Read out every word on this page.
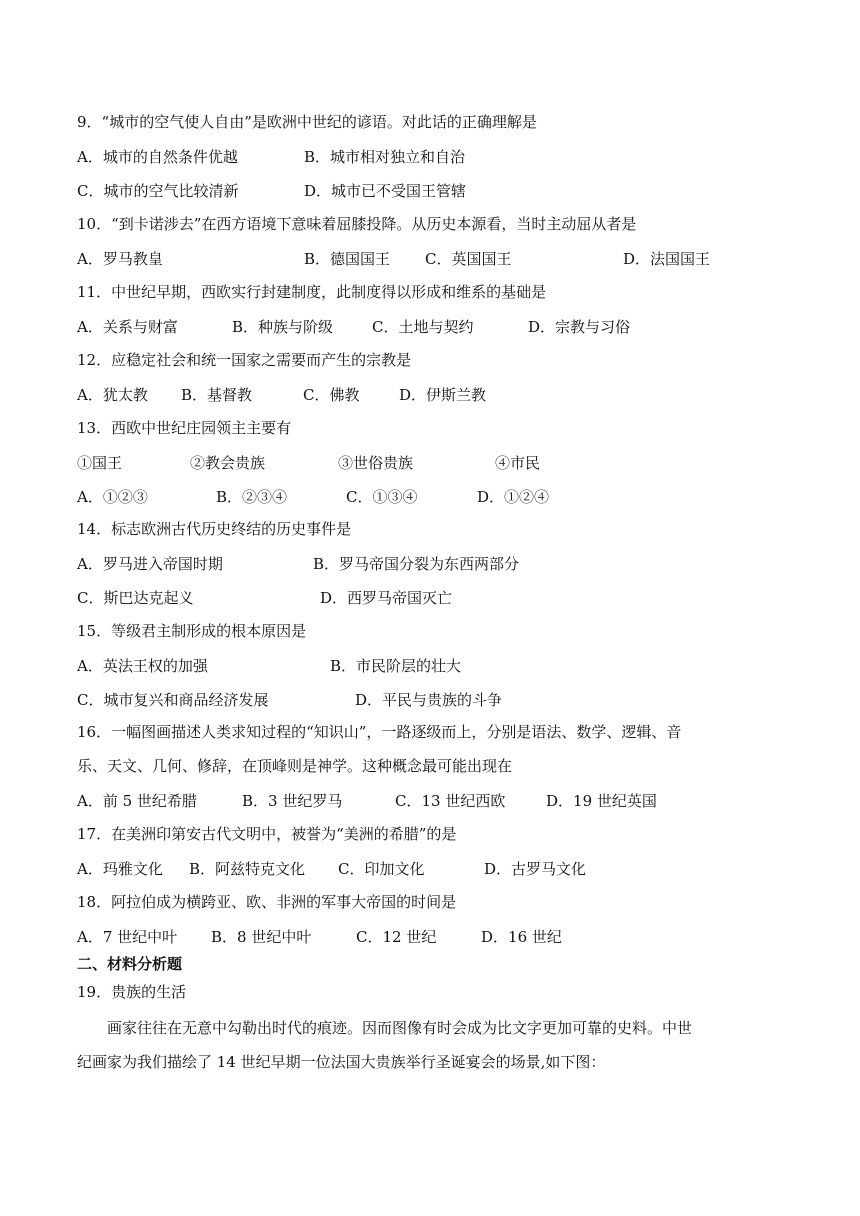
9．“城市的空气使人自由”是欧洲中世纪的谚语。对此话的正确理解是
A．城市的自然条件优越	B．城市相对独立和自治
C．城市的空气比较清新	D．城市已不受国王管辖
10．“到卡诺涉去”在西方语境下意味着屈膝投降。从历史本源看，当时主动屈从者是
A．罗马教皇	B．德国国王 C．英国国王	D．法国国王
11．中世纪早期，西欧实行封建制度，此制度得以形成和维系的基础是
A．关系与财富	B．种族与阶级	C．土地与契约	D．宗教与习俗
12．应稳定社会和统一国家之需要而产生的宗教是
A．犹太教 B．基督教	C．佛教	D．伊斯兰教
13．西欧中世纪庄园领主主要有
①国王	②教会贵族	③世俗贵族	④市民
A．①②③	B．②③④	C．①③④	D．①②④
14．标志欧洲古代历史终结的历史事件是
A．罗马进入帝国时期	B．罗马帝国分裂为东西两部分
C．斯巴达克起义	D．西罗马帝国灭亡
15．等级君主制形成的根本原因是
A．英法王权的加强	B．市民阶层的壮大
C．城市复兴和商品经济发展	D．平民与贵族的斗争
16．一幅图画描述人类求知过程的“知识山”，一路逐级而上，分别是语法、数学、逻辑、音
乐、天文、几何、修辞，在顶峰则是神学。这种概念最可能出现在
A．前 5 世纪希腊	B．3 世纪罗马	C．13 世纪西欧	D．19 世纪英国
17．在美洲印第安古代文明中，被誉为“美洲的希腊”的是
A．玛雅文化 B．阿兹特克文化 C．印加文化	D．古罗马文化
18．阿拉伯成为横跨亚、欧、非洲的军事大帝国的时间是
A．7 世纪中叶 B．8 世纪中叶	C．12 世纪	D．16 世纪
二、材料分析题
19．贵族的生活
画家往往在无意中勾勒出时代的痕迹。因而图像有时会成为比文字更加可靠的史料。中世
纪画家为我们描绘了 14 世纪早期一位法国大贵族举行圣诞宴会的场景,如下图：
